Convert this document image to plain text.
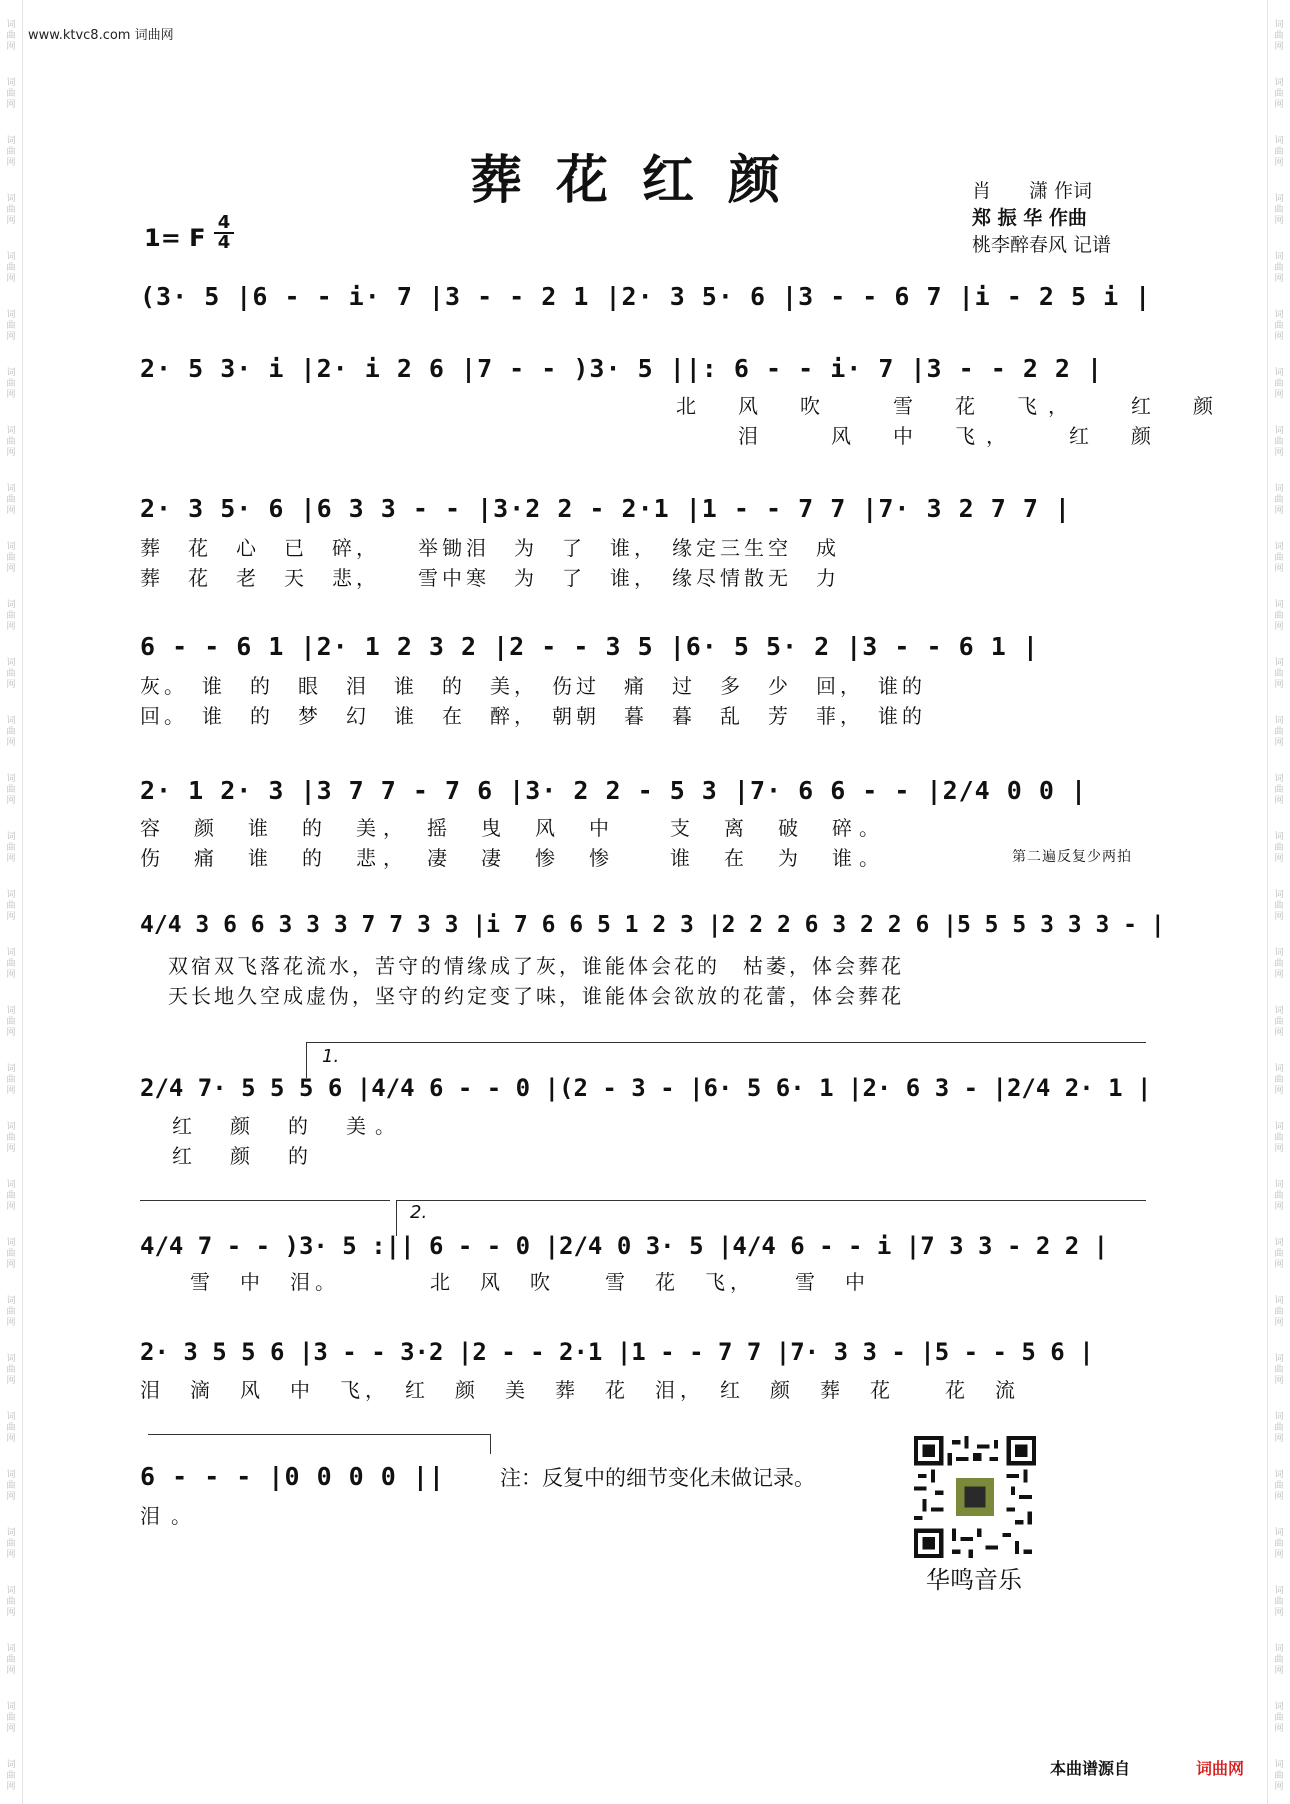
词
曲
网
词
曲
网
词
曲
网
词
曲
网
词
曲
网
词
曲
网
词
曲
网
词
曲
网
词
曲
网
词
曲
网
词
曲
网
词
曲
网
词
曲
网
词
曲
网
词
曲
网
词
曲
网
词
曲
网
词
曲
网
词
曲
网
词
曲
网
词
曲
网
词
曲
网
词
曲
网
词
曲
网
词
曲
网
词
曲
网
词
曲
网
词
曲
网
词
曲
网
词
曲
网
词
曲
网
词
曲
网
词
曲
网
词
曲
网
词
曲
网
词
曲
网
词
曲
网
词
曲
网
词
曲
网
词
曲
网
词
曲
网
词
曲
网
词
曲
网
词
曲
网
词
曲
网
词
曲
网
词
曲
网
词
曲
网
词
曲
网
词
曲
网
词
曲
网
词
曲
网
词
曲
网
词
曲
网
词
曲
网
词
曲
网
词
曲
网
词
曲
网
词
曲
网
词
曲
网
词
曲
网
词
曲
网
www.ktvc8.com 词曲网
葬花红颜	肖　　潇 作词
郑 振 华 作曲
桃李醉春风 记谱
1= F $\frac{4}{4}$
(3· 5 |6 - - i· 7 |3 - - 2 1 |2· 3 5· 6 |3 - - 6 7 |i - 2 5 i |
2· 5 3· i |2· i 2 6 |7 - - )3· 5 ||: 6 - - i· 7 |3 - - 2 2 |
北　风　吹　　雪　花　飞，　　红　颜
　　泪　　风　中　飞，　　红　颜
2· 3 5· 6 |6 3 3 - - |3·2 2 - 2·1 |1 - - 7 7 |7· 3 2 7 7 |
葬　花　心　已　碎，　　举锄泪　为　了　谁，　缘定三生空　成
葬　花　老　天　悲，　　雪中寒　为　了　谁，　缘尽情散无　力
6 - - 6 1 |2· 1 2 3 2 |2 - - 3 5 |6· 5 5· 2 |3 - - 6 1 |
灰。　谁　的　眼　泪　谁　的　美，　伤过　痛　过　多　少　回，　谁的
回。　谁　的　梦　幻　谁　在　醉，　朝朝　暮　暮　乱　芳　菲，　谁的
2· 1 2· 3 |3 7 7 - 7 6 |3· 2 2 - 5 3 |7· 6 6 - - |2/4 0 0 |
容　颜　谁　的　美，　摇　曳　风　中　　支　离　破　碎。
伤　痛　谁　的　悲，　凄　凄　惨　惨　　谁　在　为　谁。	第二遍反复少两拍
4/4 3 6 6 3 3 3 7 7 3 3 |i 7 6 6 5 1 2 3 |2 2 2 6 3 2 2 6 |5 5 5 3 3 3 - |
双宿双飞落花流水，苦守的情缘成了灰，谁能体会花的　枯萎，体会葬花
天长地久空成虚伪，坚守的约定变了味，谁能体会欲放的花蕾，体会葬花
1.
2/4 7· 5 5 5 6 |4/4 6 - - 0 |(2 - 3 - |6· 5 6· 1 |2· 6 3 - |2/4 2· 1 |
红　颜　的　美。
红　颜　的
2.
4/4 7 - - )3· 5 :|| 6 - - 0 |2/4 0 3· 5 |4/4 6 - - i |7 3 3 - 2 2 |
　　雪　中　泪。　　　　北　风　吹　　雪　花　飞，　　雪　中
2· 3 5 5 6 |3 - - 3·2 |2 - - 2·1 |1 - - 7 7 |7· 3 3 - |5 - - 5 6 |
泪　滴　风　中　飞，　红　颜　美　葬　花　泪，　红　颜　葬　花　　花　流
6 - - - |0 0 0 0 ||
泪。
注：反复中的细节变化未做记录。
华鸣音乐
本曲谱源自	词曲网
